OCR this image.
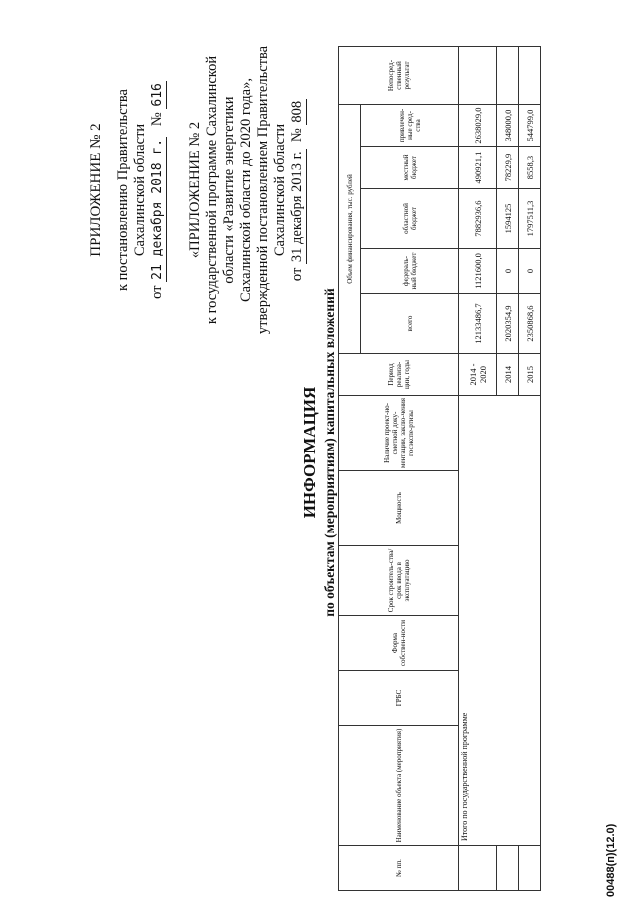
ПРИЛОЖЕНИЕ № 2 к постановлению Правительства Сахалинской области
от 21 декабря 2018 г.   № 616
«ПРИЛОЖЕНИЕ № 2 к государственной программе Сахалинской области «Развитие энергетики Сахалинской области до 2020 года», утвержденной постановлением Правительства Сахалинской области
от 31 декабря 2013 г.  № 808
ИНФОРМАЦИЯ по объектам (мероприятиям) капитальных вложений
№ пп.	Наименование объекта (мероприятия)	ГРБС	Форма собствен-ности	Срок строитель-ства/срок ввода в эксплуатацию	Мощность	Наличие проект-но-сметной доку-ментации, заклю-чения госэкспе-ртизы	Период реализа-ции, годы	Объем финансирования, тыс. рублей					Непосред-ственный результат
								всего	федераль-ный бюджет	областной бюджет	местный бюджет	привлечен-ные сред-ства	
	Итого по государственной программе						2014 - 2020	12133486,7	1121600,0	7882936,6	490921,1	2638029,0	
							2014	2020354,9	0	1594125	78229,9	348000,0	
							2015	2350868,6	0	1797511,3	8558,3	544799,0	
00488(п)(12.0)
